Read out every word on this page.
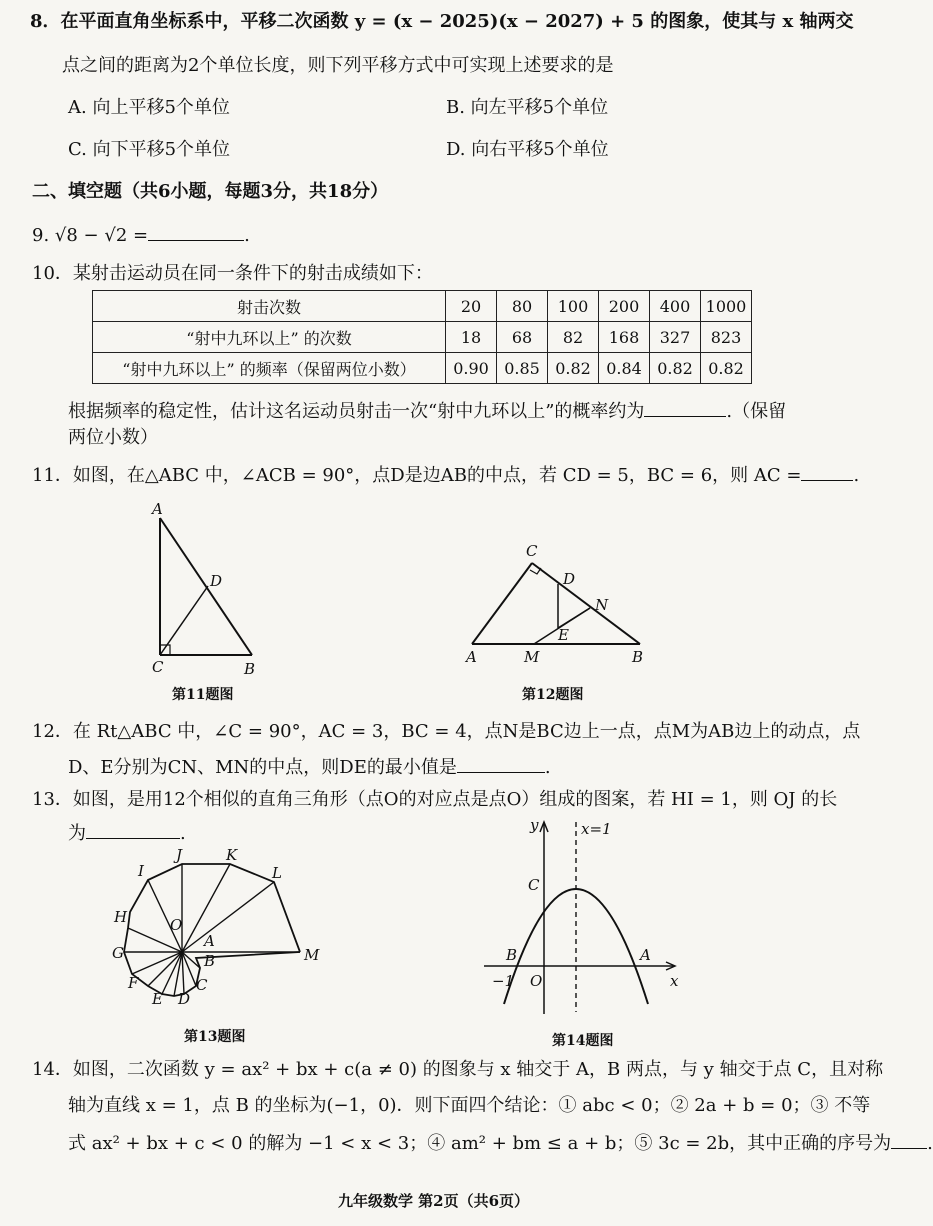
8．在平面直角坐标系中，平移二次函数 y = (x − 2025)(x − 2027) + 5 的图象，使其与 x 轴两交
点之间的距离为2个单位长度，则下列平移方式中可实现上述要求的是
A. 向上平移5个单位	B. 向左平移5个单位
C. 向下平移5个单位	D. 向右平移5个单位
二、填空题（共6小题，每题3分，共18分）
9. √8 − √2 =	.
10．某射击运动员在同一条件下的射击成绩如下：
射击次数	20	80	100	200	400	1000
“射中九环以上” 的次数	18	68	82	168	327	823
“射中九环以上” 的频率（保留两位小数）	0.90	0.85	0.82	0.84	0.82	0.82
根据频率的稳定性，估计这名运动员射击一次“射中九环以上”的概率约为	.（保留
两位小数）
11．如图，在△ABC 中，∠ACB = 90°，点D是边AB的中点，若 CD = 5，BC = 6，则 AC =	.
A
D
C	B
第11题图
C
D
N
E
A	M	B
第12题图
12．在 Rt△ABC 中，∠C = 90°，AC = 3，BC = 4，点N是BC边上一点，点M为AB边上的动点，点
D、E分别为CN、MN的中点，则DE的最小值是	.
13．如图，是用12个相似的直角三角形（点O的对应点是点O）组成的图案，若 HI = 1，则 OJ 的长
为	.
J	K
I	L
H	O
A
G	M
B
F
E D
C
第13题图
y	x=1
C
B	A
−1 O	x
第14题图
14．如图，二次函数 y = ax² + bx + c(a ≠ 0) 的图象与 x 轴交于 A，B 两点，与 y 轴交于点 C，且对称
轴为直线 x = 1，点 B 的坐标为(−1，0)．则下面四个结论：① abc < 0；② 2a + b = 0；③ 不等
式 ax² + bx + c < 0 的解为 −1 < x < 3；④ am² + bm ≤ a + b；⑤ 3c = 2b，其中正确的序号为 .
九年级数学 第2页（共6页）
